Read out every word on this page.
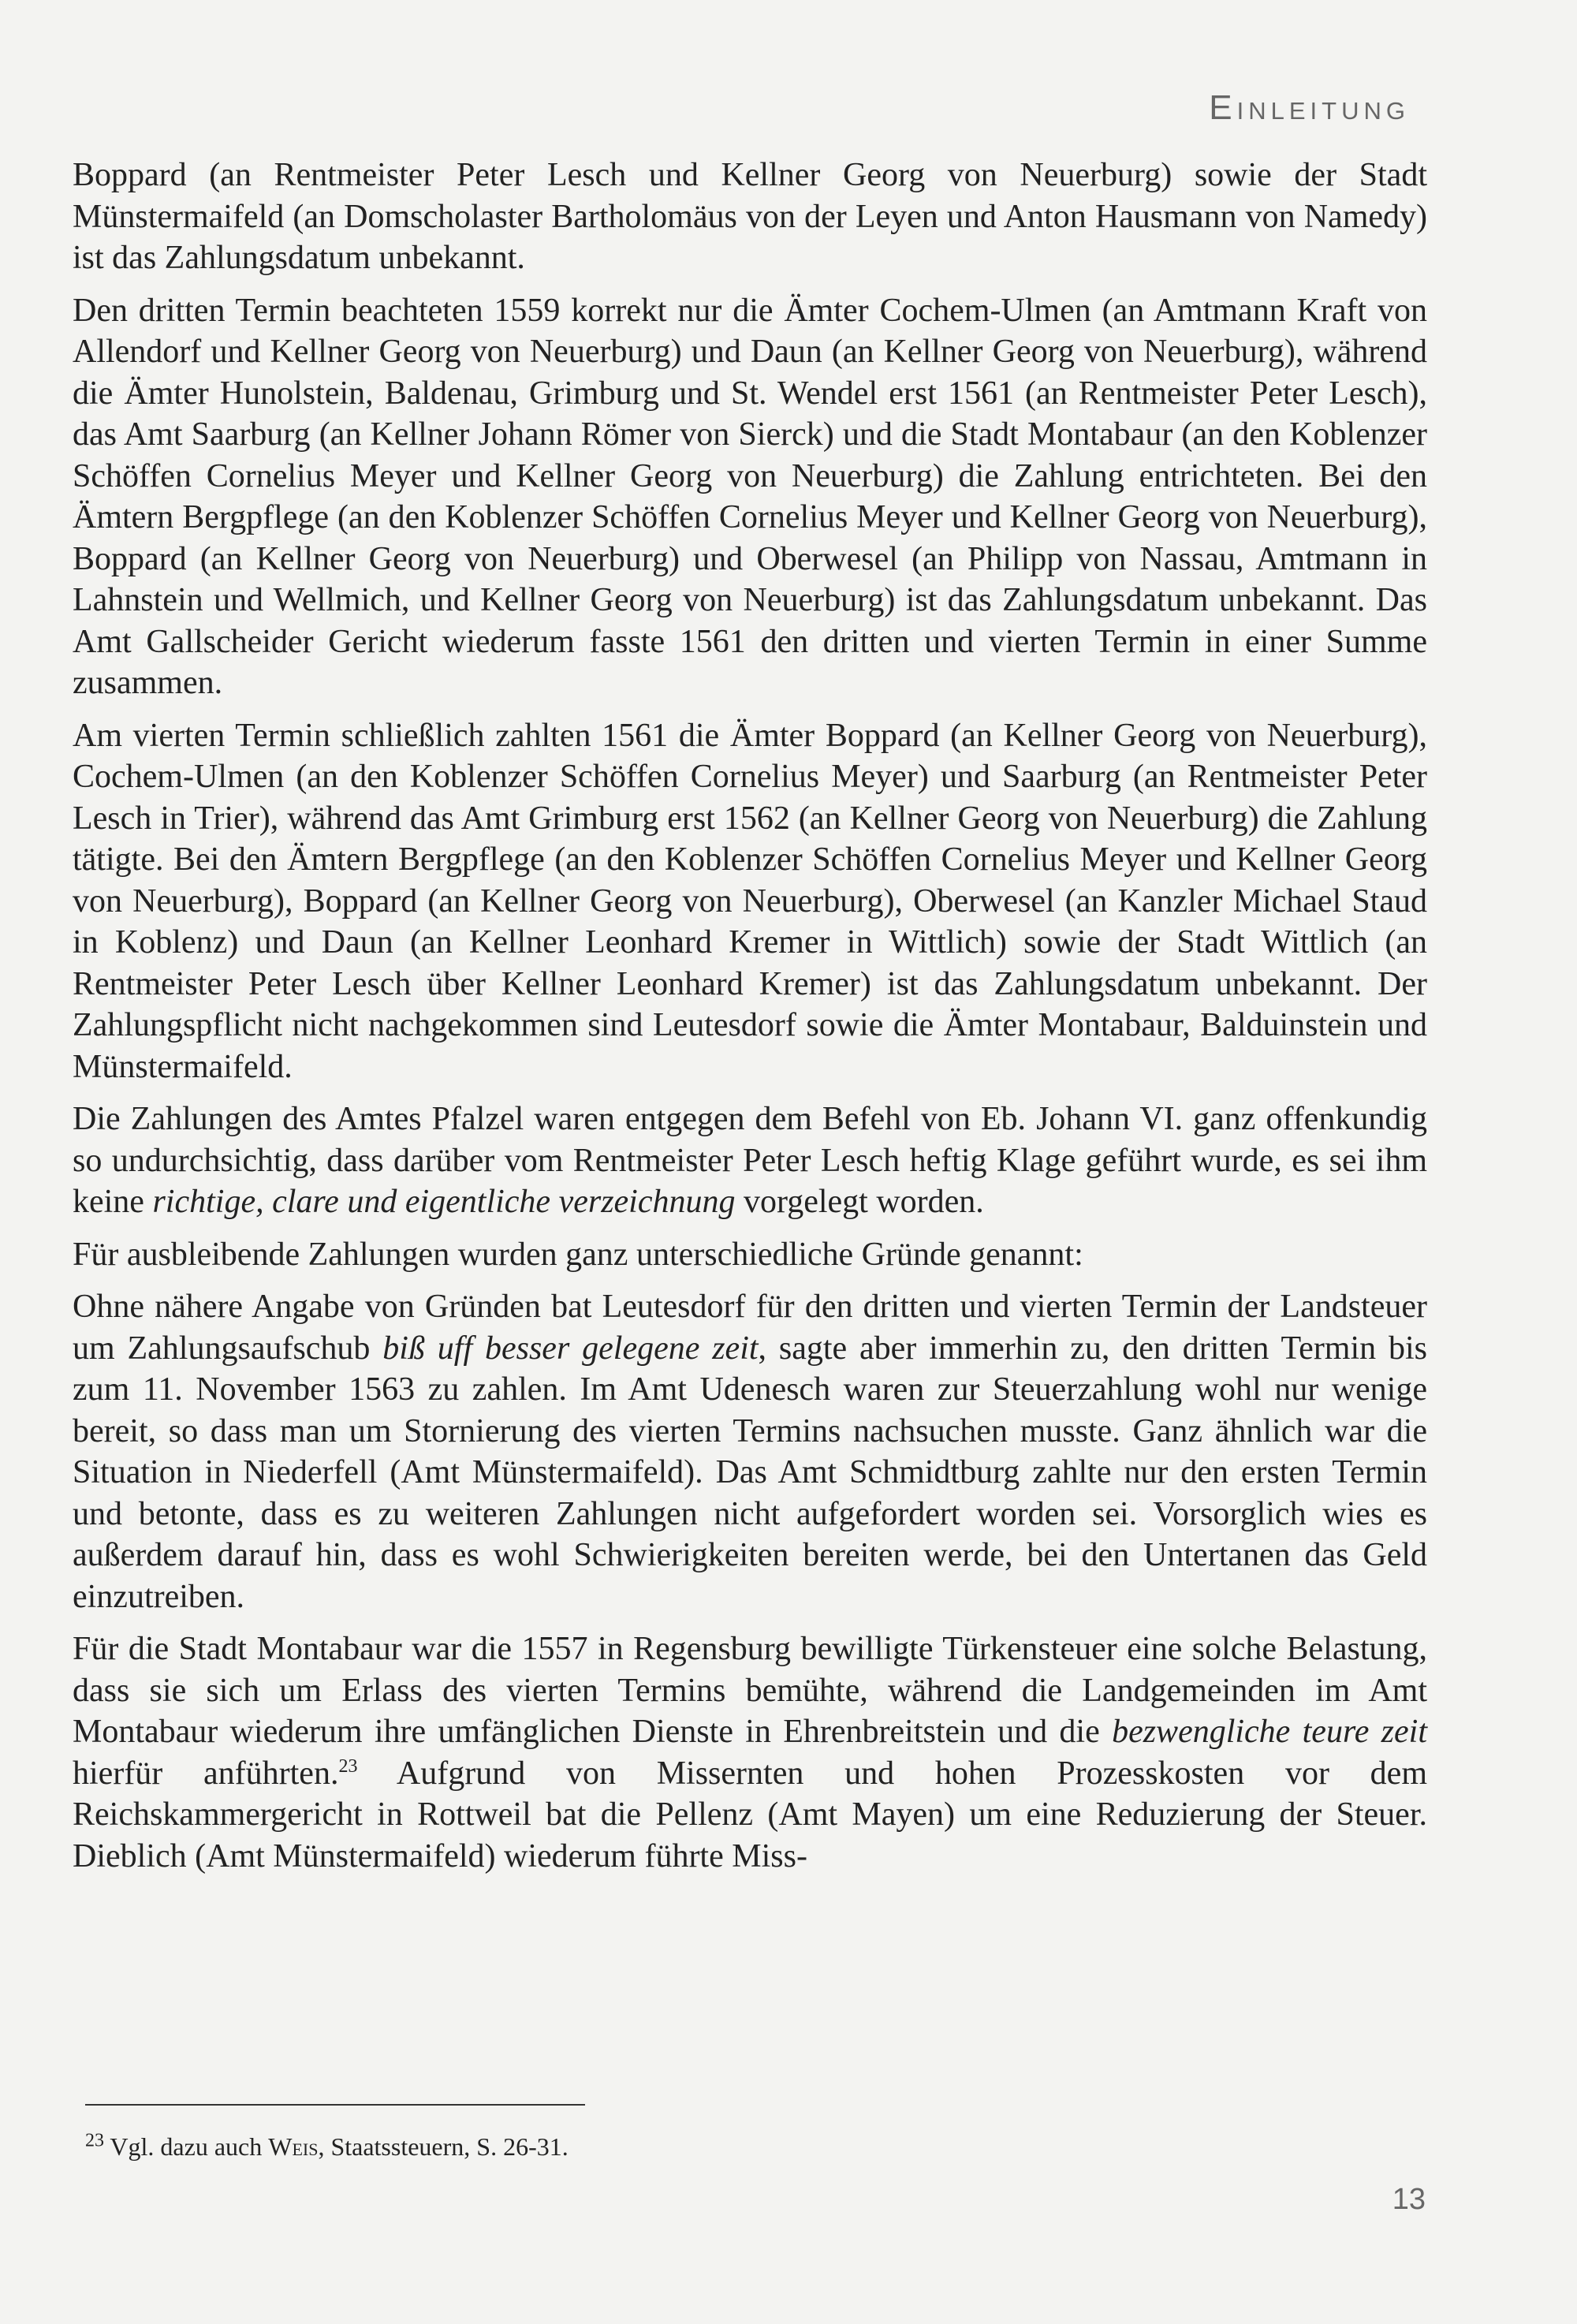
Einleitung

Boppard (an Rentmeister Peter Lesch und Kellner Georg von Neuerburg) sowie der Stadt Münstermaifeld (an Domscholaster Bartholomäus von der Leyen und Anton Hausmann von Namedy) ist das Zahlungsdatum unbekannt.

Den dritten Termin beachteten 1559 korrekt nur die Ämter Cochem-Ulmen (an Amtmann Kraft von Allendorf und Kellner Georg von Neuerburg) und Daun (an Kellner Georg von Neuerburg), während die Ämter Hunolstein, Baldenau, Grimburg und St. Wendel erst 1561 (an Rentmeister Peter Lesch), das Amt Saarburg (an Kellner Johann Römer von Sierck) und die Stadt Montabaur (an den Koblenzer Schöffen Cornelius Meyer und Kellner Georg von Neuerburg) die Zahlung entrichteten. Bei den Ämtern Bergpflege (an den Koblenzer Schöffen Cornelius Meyer und Kellner Georg von Neuerburg), Boppard (an Kellner Georg von Neuerburg) und Oberwesel (an Philipp von Nassau, Amtmann in Lahnstein und Wellmich, und Kellner Georg von Neuerburg) ist das Zahlungsdatum unbekannt. Das Amt Gallscheider Gericht wiederum fasste 1561 den dritten und vierten Termin in einer Summe zusammen.

Am vierten Termin schließlich zahlten 1561 die Ämter Boppard (an Kellner Georg von Neuerburg), Cochem-Ulmen (an den Koblenzer Schöffen Cornelius Meyer) und Saarburg (an Rentmeister Peter Lesch in Trier), während das Amt Grimburg erst 1562 (an Kellner Georg von Neuerburg) die Zahlung tätigte. Bei den Ämtern Bergpflege (an den Koblenzer Schöffen Cornelius Meyer und Kellner Georg von Neuerburg), Boppard (an Kellner Georg von Neuerburg), Oberwesel (an Kanzler Michael Staud in Koblenz) und Daun (an Kellner Leonhard Kremer in Wittlich) sowie der Stadt Wittlich (an Rentmeister Peter Lesch über Kellner Leonhard Kremer) ist das Zahlungsdatum unbekannt. Der Zahlungspflicht nicht nachgekommen sind Leutesdorf sowie die Ämter Montabaur, Balduinstein und Münstermaifeld.

Die Zahlungen des Amtes Pfalzel waren entgegen dem Befehl von Eb. Johann VI. ganz offenkundig so undurchsichtig, dass darüber vom Rentmeister Peter Lesch heftig Klage geführt wurde, es sei ihm keine richtige, clare und eigentliche verzeichnung vorgelegt worden.

Für ausbleibende Zahlungen wurden ganz unterschiedliche Gründe genannt:

Ohne nähere Angabe von Gründen bat Leutesdorf für den dritten und vierten Termin der Landsteuer um Zahlungsaufschub biß uff besser gelegene zeit, sagte aber immerhin zu, den dritten Termin bis zum 11. November 1563 zu zahlen. Im Amt Udenesch waren zur Steuerzahlung wohl nur wenige bereit, so dass man um Stornierung des vierten Termins nachsuchen musste. Ganz ähnlich war die Situation in Niederfell (Amt Münstermaifeld). Das Amt Schmidtburg zahlte nur den ersten Termin und betonte, dass es zu weiteren Zahlungen nicht aufgefordert worden sei. Vorsorglich wies es außerdem darauf hin, dass es wohl Schwierigkeiten bereiten werde, bei den Untertanen das Geld einzutreiben.

Für die Stadt Montabaur war die 1557 in Regensburg bewilligte Türkensteuer eine solche Belastung, dass sie sich um Erlass des vierten Termins bemühte, während die Landgemeinden im Amt Montabaur wiederum ihre umfänglichen Dienste in Ehrenbreitstein und die bezwengliche teure zeit hierfür anführten.$^{23}$ Aufgrund von Missernten und hohen Prozesskosten vor dem Reichskammergericht in Rottweil bat die Pellenz (Amt Mayen) um eine Reduzierung der Steuer. Dieblich (Amt Münstermaifeld) wiederum führte Miss-

$^{23}$ Vgl. dazu auch Weis, Staatssteuern, S. 26-31.
13
